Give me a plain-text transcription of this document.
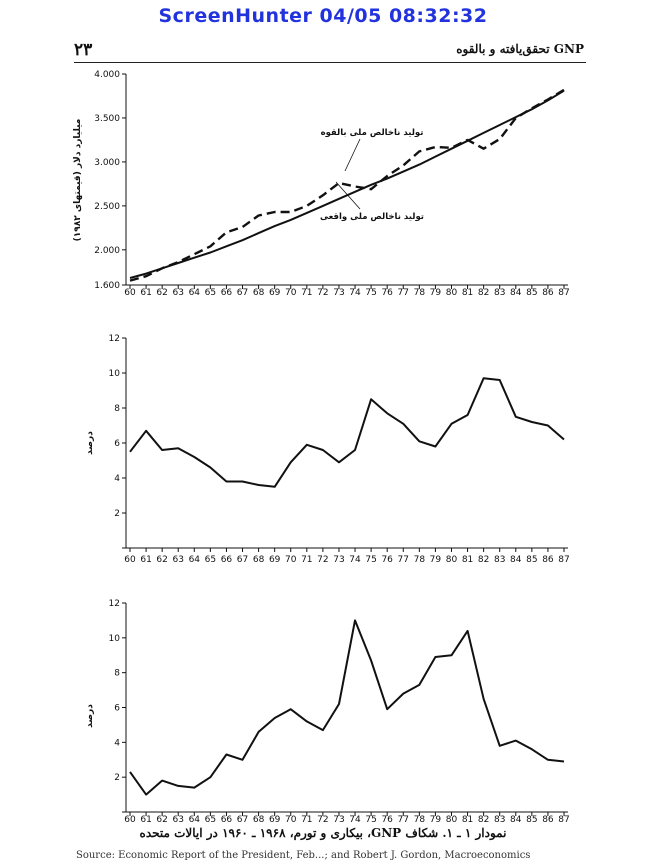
ScreenHunter 04/05 08:32:32
۲۳	GNP تحقق‌یافته و بالقوه
1.600
2.000
2.500
3.000
3.500
4.000
60 61 62 63 64 65 66 67 68 69 70 71 72 73 74 75 76 77 78 79 80 81 82 83 84 85 86 87
(قیمتهای ۱۹۸۲) میلیارد دلار	تولید ناخالص ملی بالقوه
تولید ناخالص ملی واقعی
2
4
6
8
10
12
60 61 62 63 64 65 66 67 68 69 70 71 72 73 74 75 76 77 78 79 80 81 82 83 84 85 86 87
درصد
2
4
6
8
10
12
60 61 62 63 64 65 66 67 68 69 70 71 72 73 74 75 76 77 78 79 80 81 82 83 84 85 86 87
درصد
نمودار ۱ ـ ۱. شکاف GNP، بیکاری و تورم، ۱۹۶۸ ـ ۱۹۶۰ در ایالات متحده
Source: Economic Report of the President, Feb...; and Robert J. Gordon, Macroeconomics
